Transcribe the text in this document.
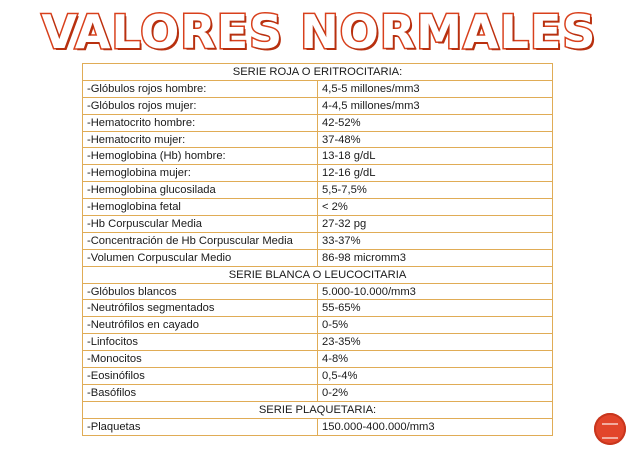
VALORES NORMALES
SERIE ROJA O ERITROCITARIA:	
-Glóbulos rojos hombre:	4,5-5 millones/mm3
-Glóbulos rojos mujer:	4-4,5 millones/mm3
-Hematocrito hombre:	42-52%
-Hematocrito mujer:	37-48%
-Hemoglobina (Hb) hombre:	13-18 g/dL
-Hemoglobina mujer:	12-16 g/dL
-Hemoglobina glucosilada	5,5-7,5%
-Hemoglobina fetal	< 2%
-Hb Corpuscular Media	27-32 pg
-Concentración de Hb Corpuscular Media	33-37%
-Volumen Corpuscular Medio	86-98 micromm3
SERIE BLANCA O LEUCOCITARIA	
-Glóbulos blancos	5.000-10.000/mm3
-Neutrófilos segmentados	55-65%
-Neutrófilos en cayado	0-5%
-Linfocitos	23-35%
-Monocitos	4-8%
-Eosinófilos	0,5-4%
-Basófilos	0-2%
SERIE PLAQUETARIA:	
-Plaquetas	150.000-400.000/mm3
